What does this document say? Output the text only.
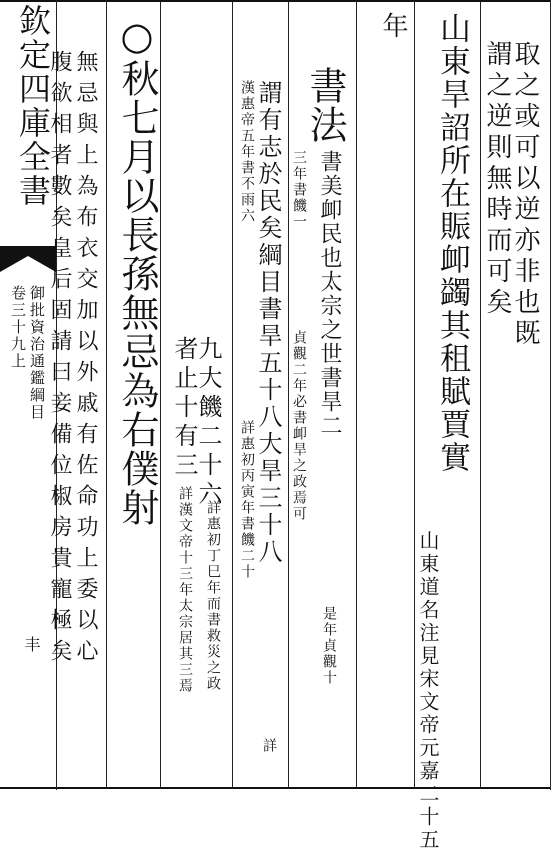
欽定四庫全書
御批資治通鑑綱目
卷三十九上
丰
取之或可以逆亦非也既
謂之逆則無時而可矣
山東旱詔所在賑卹蠲其租賦賈實
山東道名注見宋文帝元嘉二十五
年
謂有志於民矣綱目書旱五十八大旱三十八
詳
書法
書美卹民也太宗之世書旱二
是年貞觀十
漢惠帝五年書不雨六
詳惠初丙寅年書饑二十
三年書饑一
貞觀二年必書卹旱之政焉可
九大饑二十六
詳惠初丁巳年而書救災之政
者止十有三
詳漢文帝十三年太宗居其三焉
○秋七月以長孫無忌為右僕射
無忌與上為布衣交加以外戚有佐命功上委以心
腹欲相者數矣皇后固請曰妾備位椒房貴寵極矣
